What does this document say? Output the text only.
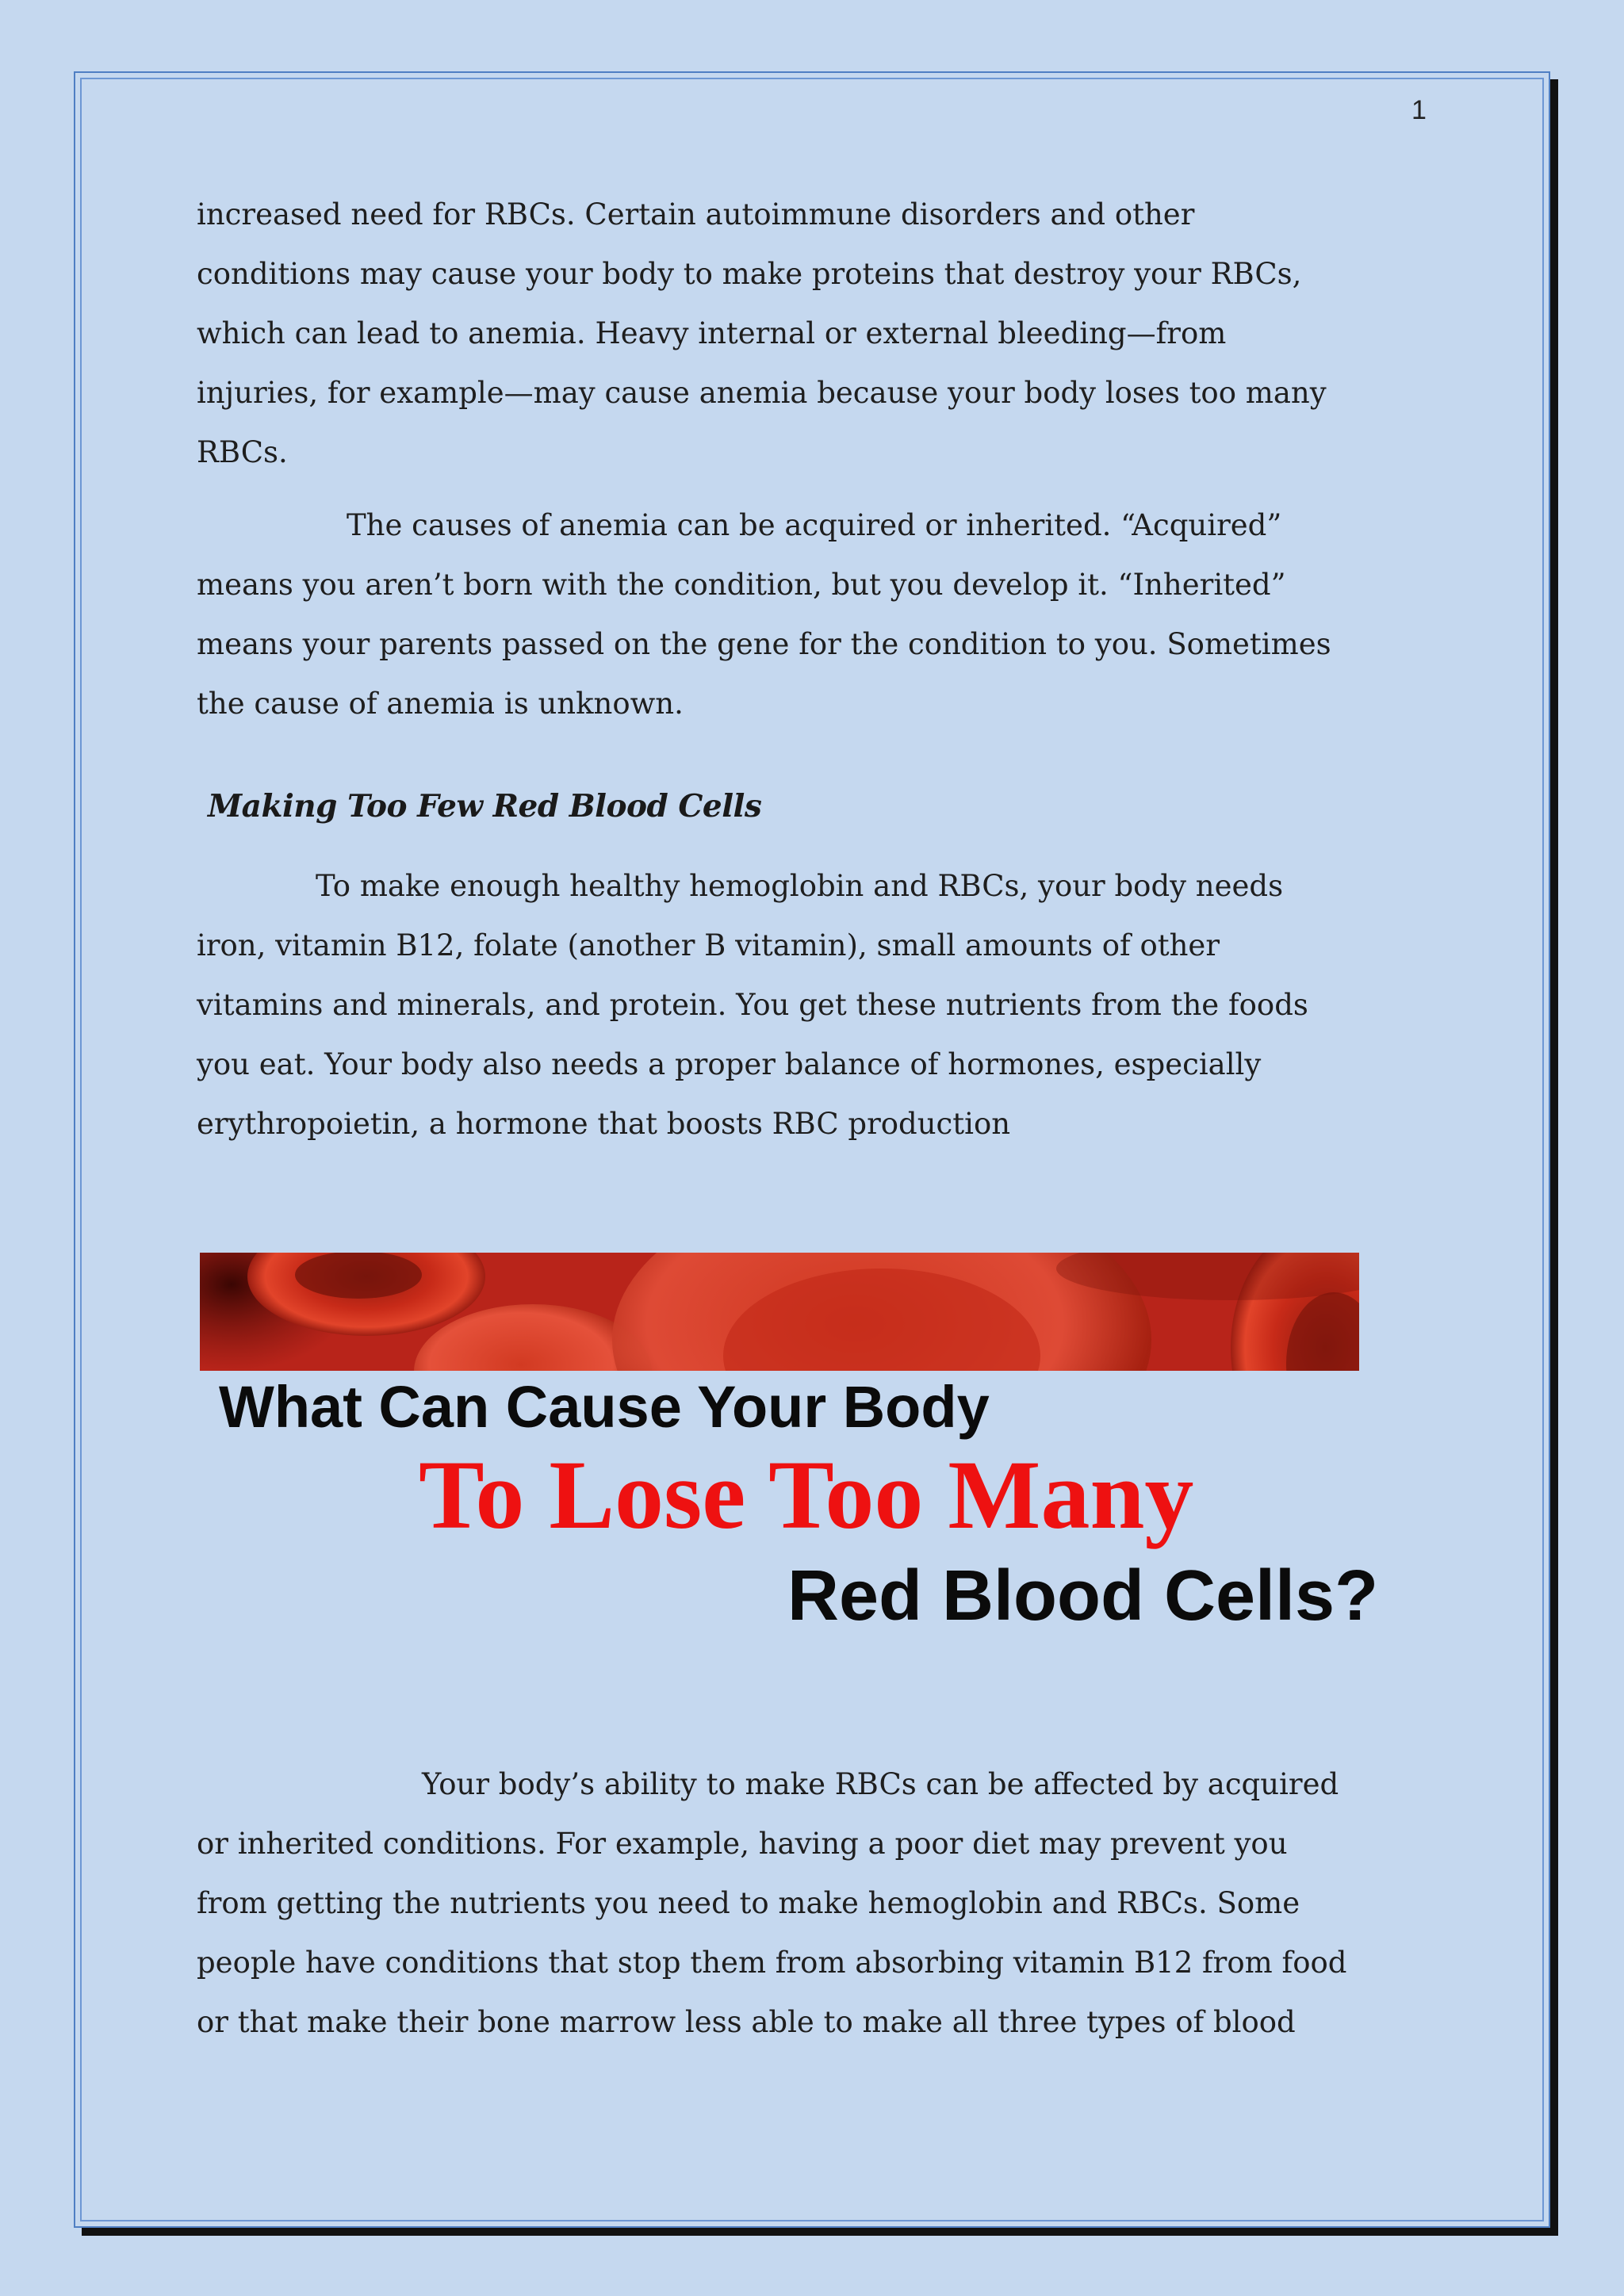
1

increased need for RBCs. Certain autoimmune disorders and other
conditions may cause your body to make proteins that destroy your RBCs,
which can lead to anemia. Heavy internal or external bleeding—from
injuries, for example—may cause anemia because your body loses too many
RBCs.

The causes of anemia can be acquired or inherited. “Acquired”
means you aren’t born with the condition, but you develop it. “Inherited”
means your parents passed on the gene for the condition to you. Sometimes
the cause of anemia is unknown.

Making Too Few Red Blood Cells

To make enough healthy hemoglobin and RBCs, your body needs
iron, vitamin B12, folate (another B vitamin), small amounts of other
vitamins and minerals, and protein. You get these nutrients from the foods
you eat. Your body also needs a proper balance of hormones, especially
erythropoietin, a hormone that boosts RBC production

What Can Cause Your Body
To Lose Too Many
Red Blood Cells?

Your body’s ability to make RBCs can be affected by acquired
or inherited conditions. For example, having a poor diet may prevent you
from getting the nutrients you need to make hemoglobin and RBCs. Some
people have conditions that stop them from absorbing vitamin B12 from food
or that make their bone marrow less able to make all three types of blood
